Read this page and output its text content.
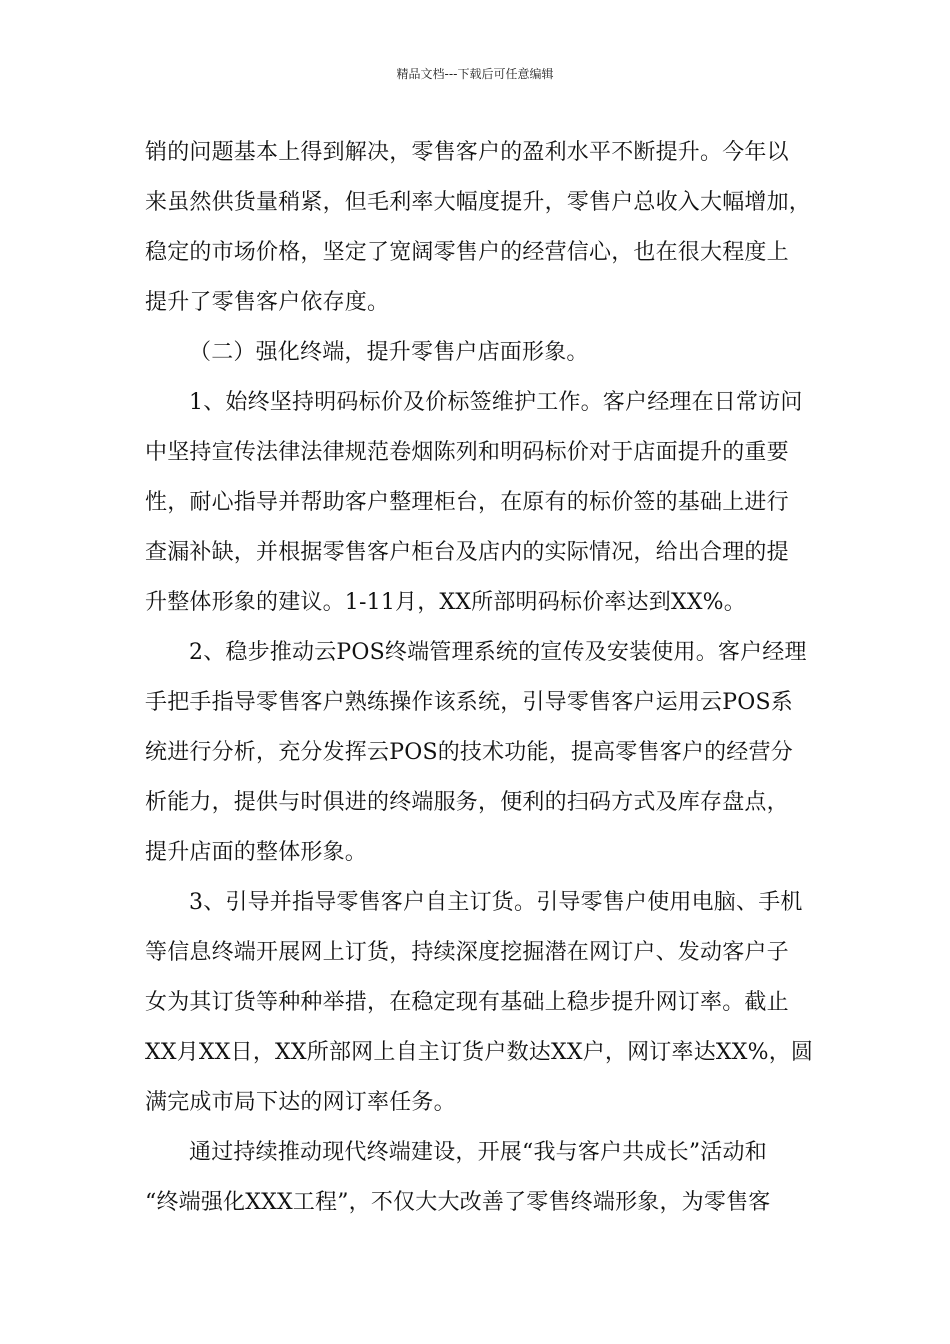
精品文档---下载后可任意编辑
销的问题基本上得到解决，零售客户的盈利水平不断提升。今年以
来虽然供货量稍紧，但毛利率大幅度提升，零售户总收入大幅增加，
稳定的市场价格，坚定了宽阔零售户的经营信心，也在很大程度上
提升了零售客户依存度。
（二）强化终端，提升零售户店面形象。
1、始终坚持明码标价及价标签维护工作。客户经理在日常访问
中坚持宣传法律法律规范卷烟陈列和明码标价对于店面提升的重要
性，耐心指导并帮助客户整理柜台，在原有的标价签的基础上进行
查漏补缺，并根据零售客户柜台及店内的实际情况，给出合理的提
升整体形象的建议。1-11月，XX所部明码标价率达到XX%。
2、稳步推动云POS终端管理系统的宣传及安装使用。客户经理
手把手指导零售客户熟练操作该系统，引导零售客户运用云POS系
统进行分析，充分发挥云POS的技术功能，提高零售客户的经营分
析能力，提供与时俱进的终端服务，便利的扫码方式及库存盘点，
提升店面的整体形象。
3、引导并指导零售客户自主订货。引导零售户使用电脑、手机
等信息终端开展网上订货，持续深度挖掘潜在网订户、发动客户子
女为其订货等种种举措，在稳定现有基础上稳步提升网订率。截止
XX月XX日，XX所部网上自主订货户数达XX户，网订率达XX%，圆
满完成市局下达的网订率任务。
通过持续推动现代终端建设，开展“我与客户共成长”活动和
“终端强化XXX工程”，不仅大大改善了零售终端形象，为零售客
